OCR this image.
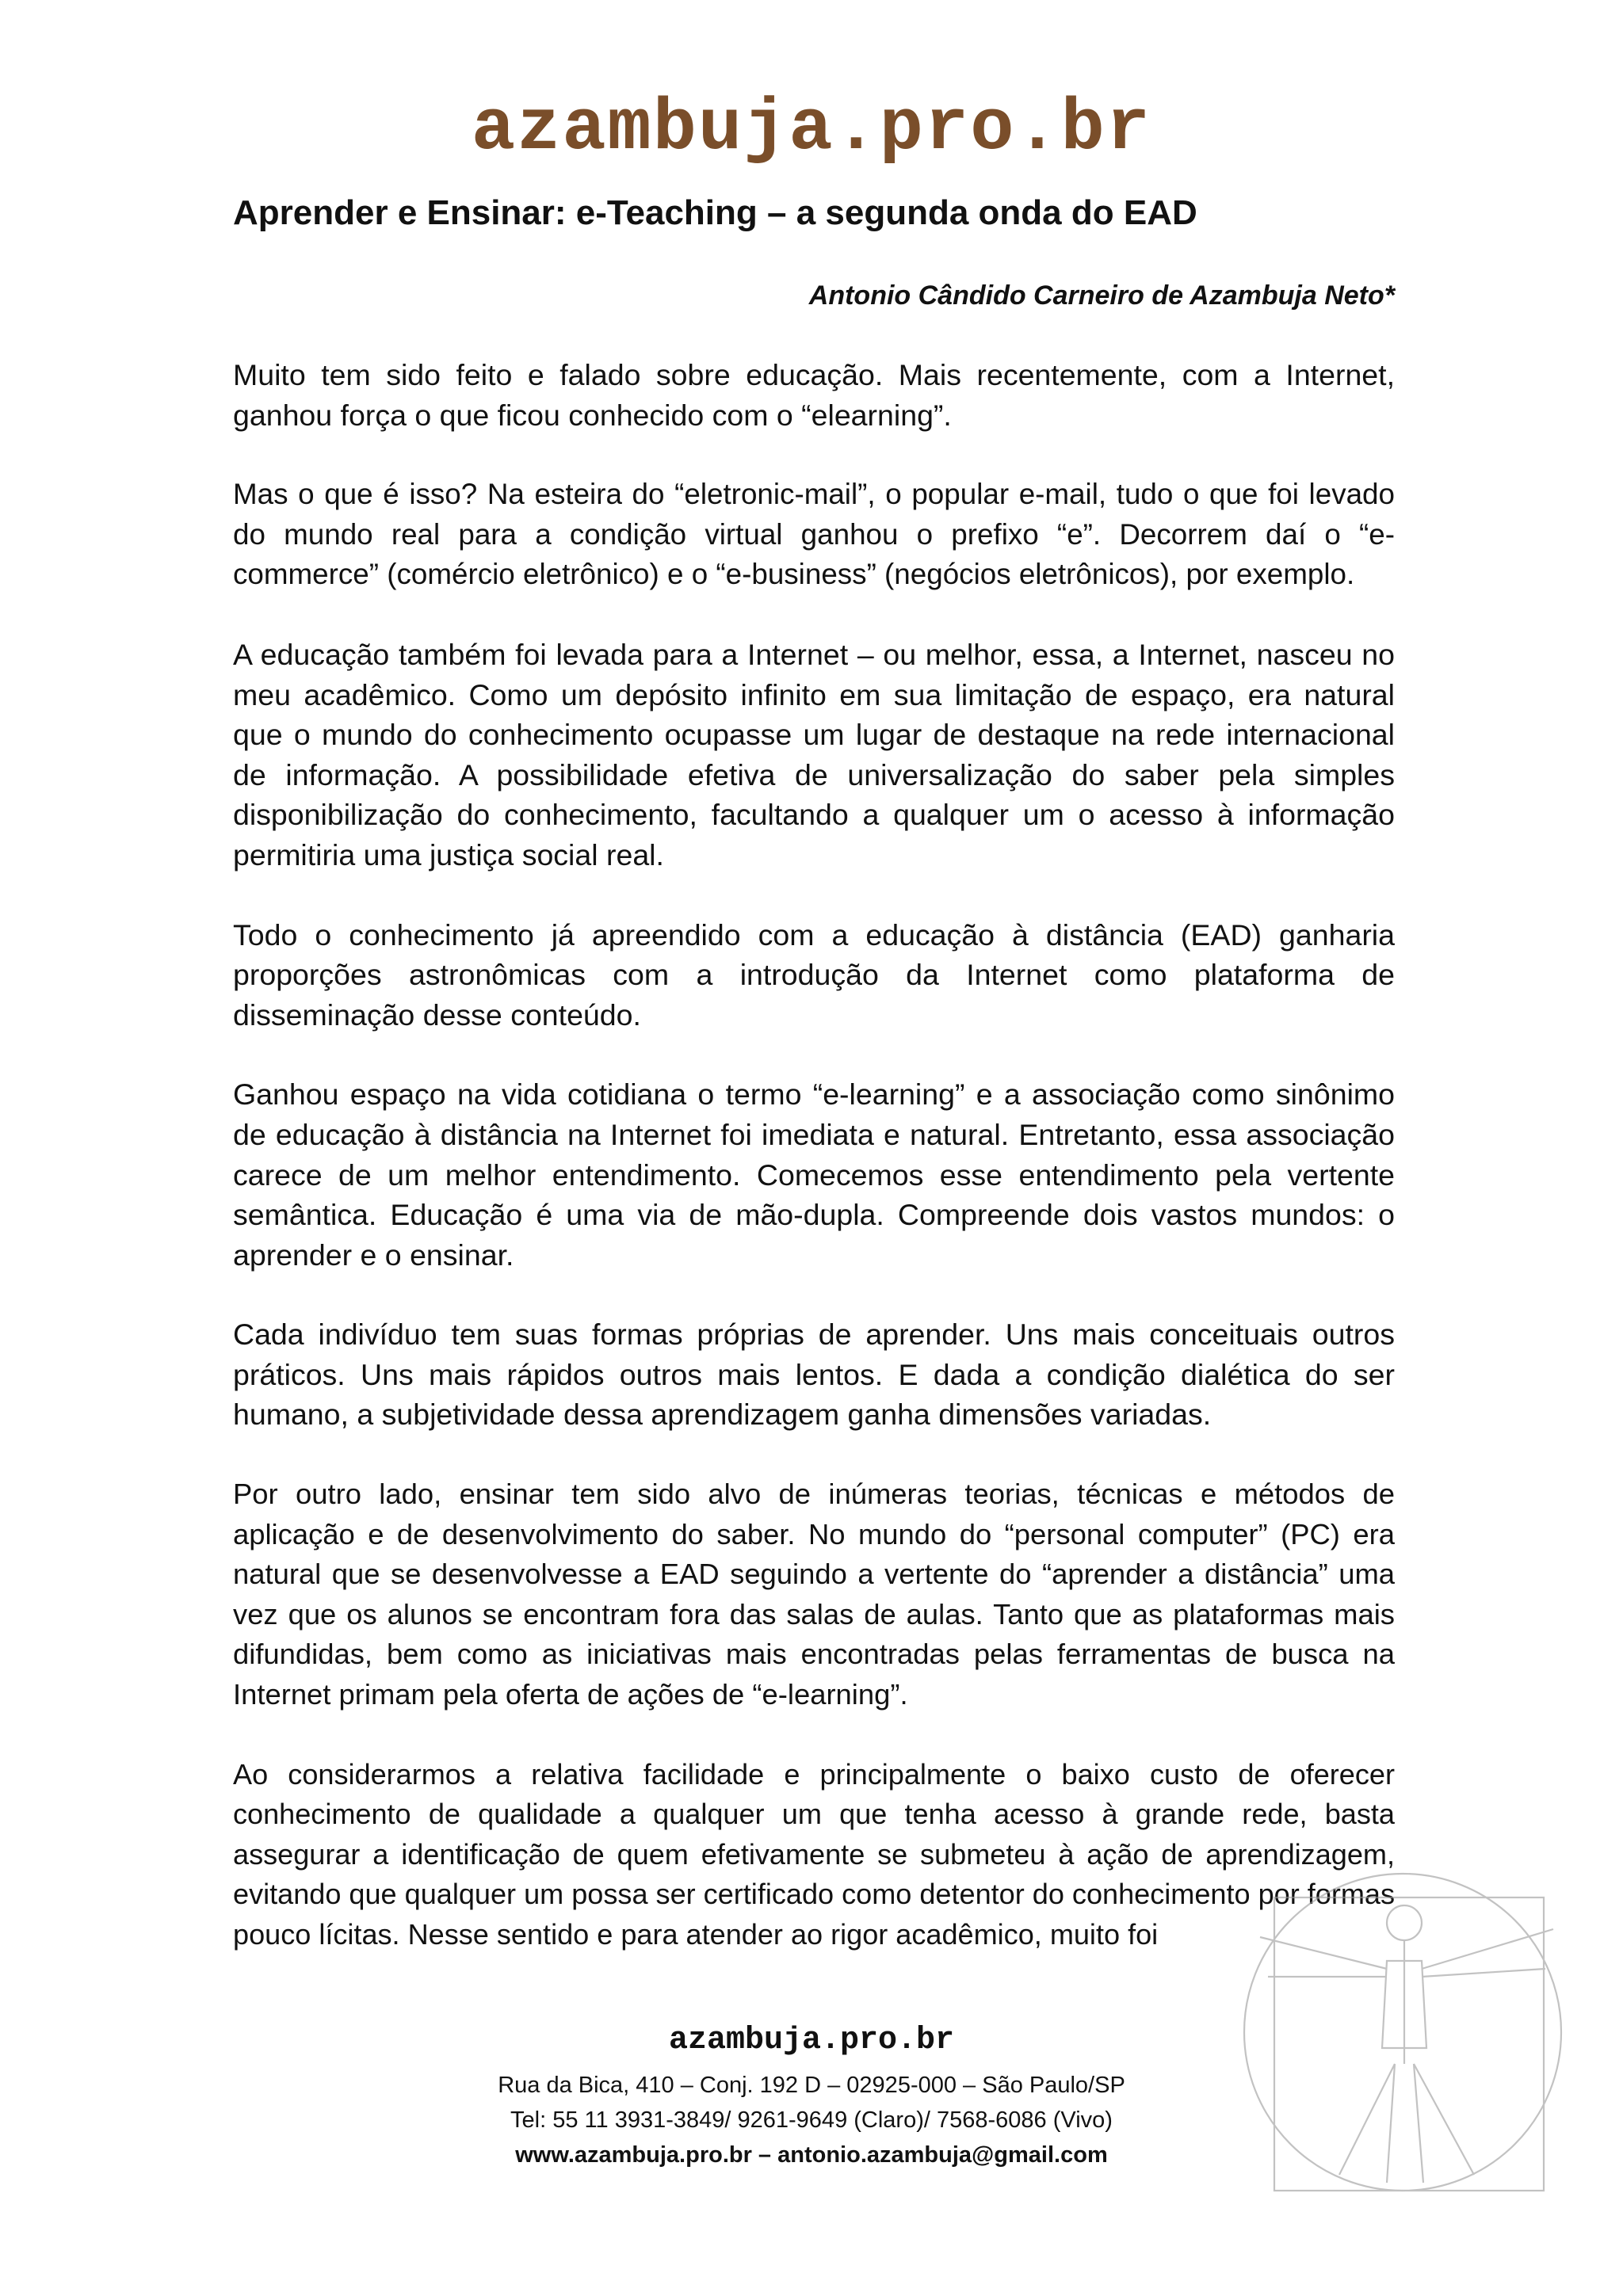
azambuja.pro.br
Aprender e Ensinar: e-Teaching – a segunda onda do EAD
Antonio Cândido Carneiro de Azambuja Neto*

Muito tem sido feito e falado sobre educação. Mais recentemente, com a Internet, ganhou força o que ficou conhecido com o “elearning”.

Mas o que é isso? Na esteira do “eletronic-mail”, o popular e-mail, tudo o que foi levado do mundo real para a condição virtual ganhou o prefixo “e”. Decorrem daí o “e-commerce” (comércio eletrônico) e o “e-business” (negócios eletrônicos), por exemplo.

A educação também foi levada para a Internet – ou melhor, essa, a Internet, nasceu no meu acadêmico. Como um depósito infinito em sua limitação de espaço, era natural que o mundo do conhecimento ocupasse um lugar de destaque na rede internacional de informação. A possibilidade efetiva de universalização do saber pela simples disponibilização do conhecimento, facultando a qualquer um o acesso à informação permitiria uma justiça social real.

Todo o conhecimento já apreendido com a educação à distância (EAD) ganharia proporções astronômicas com a introdução da Internet como plataforma de disseminação desse conteúdo.

Ganhou espaço na vida cotidiana o termo “e-learning” e a associação como sinônimo de educação à distância na Internet foi imediata e natural. Entretanto, essa associação carece de um melhor entendimento. Comecemos esse entendimento pela vertente semântica. Educação é uma via de mão-dupla. Compreende dois vastos mundos: o aprender e o ensinar.

Cada indivíduo tem suas formas próprias de aprender. Uns mais conceituais outros práticos. Uns mais rápidos outros mais lentos. E dada a condição dialética do ser humano, a subjetividade dessa aprendizagem ganha dimensões variadas.

Por outro lado, ensinar tem sido alvo de inúmeras teorias, técnicas e métodos de aplicação e de desenvolvimento do saber. No mundo do “personal computer” (PC) era natural que se desenvolvesse a EAD seguindo a vertente do “aprender a distância” uma vez que os alunos se encontram fora das salas de aulas. Tanto que as plataformas mais difundidas, bem como as iniciativas mais encontradas pelas ferramentas de busca na Internet primam pela oferta de ações de “e-learning”.

Ao considerarmos a relativa facilidade e principalmente o baixo custo de oferecer conhecimento de qualidade a qualquer um que tenha acesso à grande rede, basta assegurar a identificação de quem efetivamente se submeteu à ação de aprendizagem, evitando que qualquer um possa ser certificado como detentor do conhecimento por formas pouco lícitas. Nesse sentido e para atender ao rigor acadêmico, muito foi

azambuja.pro.br
Rua da Bica, 410 – Conj. 192 D – 02925-000 – São Paulo/SP
Tel: 55 11 3931-3849/ 9261-9649 (Claro)/ 7568-6086 (Vivo)
www.azambuja.pro.br – antonio.azambuja@gmail.com
